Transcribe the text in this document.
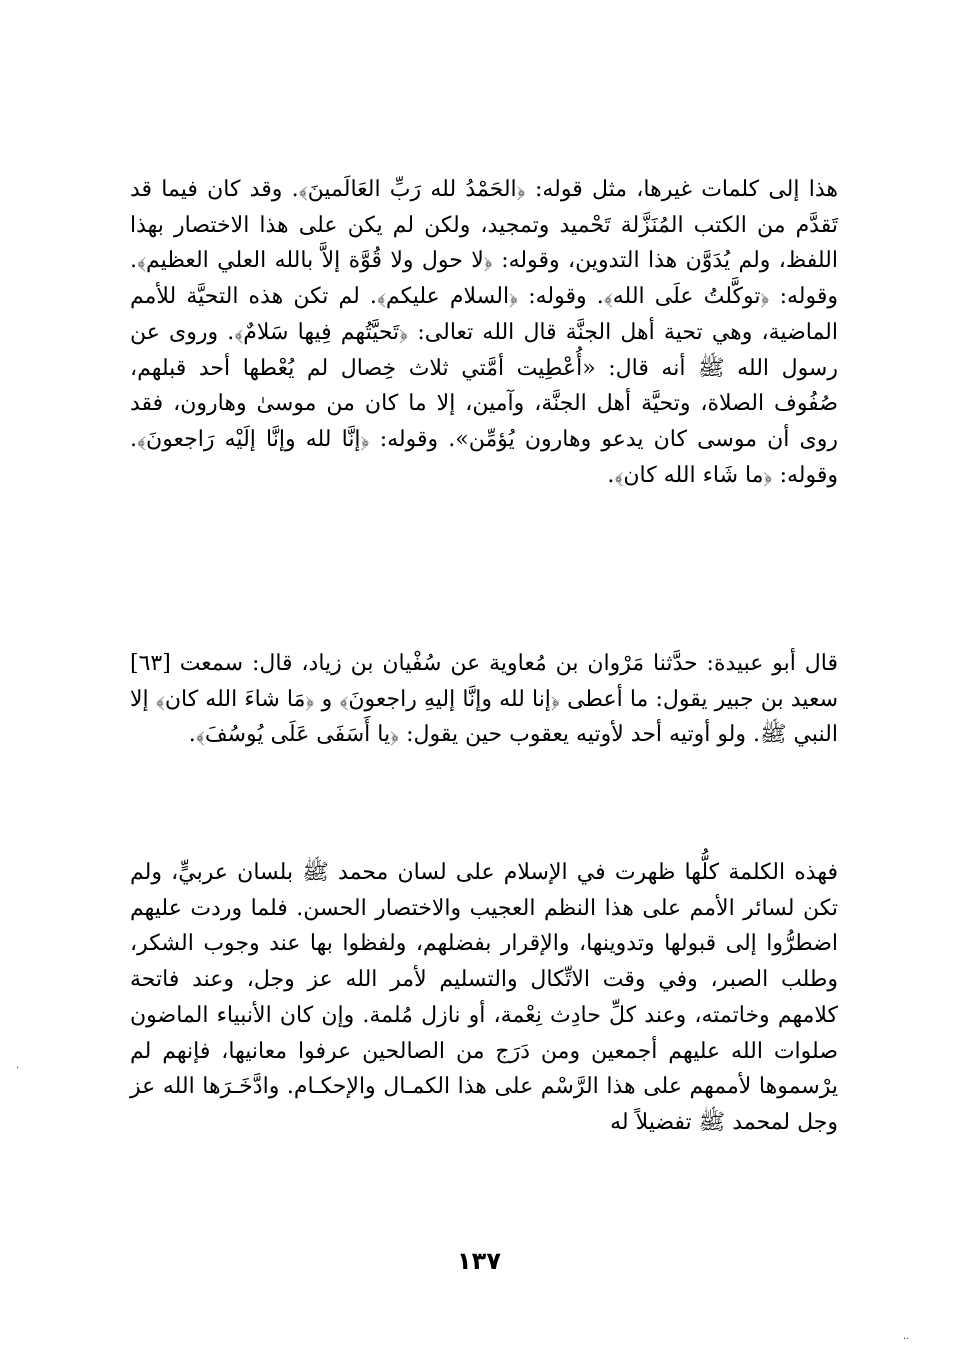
هذا إلى كلمات غيرها، مثل قوله: ﴿الحَمْدُ لله رَبِّ العَالَمينَ﴾. وقد كان فيما قد تَقدَّم من الكتب المُنَزَّلة تَحْميد وتمجيد، ولكن لم يكن على هذا الاختصار بهذا اللفظ، ولم يُدَوَّن هذا التدوين، وقوله: ﴿لا حول ولا قُوَّة إلاَّ بالله العلي العظيم﴾. وقوله: ﴿توكَّلتُ علَى الله﴾. وقوله: ﴿السلام عليكم﴾. لم تكن هذه التحيَّة للأمم الماضية، وهي تحية أهل الجنَّة قال الله تعالى: ﴿تَحيَّتُهم فِيها سَلامٌ﴾. وروى عن رسول الله ﷺ أنه قال: «أُعْطِيت أمَّتي ثلاث خِصال لم يُعْطها أحد قبلهم، صُفُوف الصلاة، وتحيَّة أهل الجنَّة، وآمين، إلا ما كان من موسىٰ وهارون، فقد روى أن موسى كان يدعو وهارون يُؤمِّن». وقوله: ﴿إنَّا لله وإنَّا إلَيْه رَاجعونَ﴾. وقوله: ﴿ما شَاء الله كان﴾.
قال أبو عبيدة: حدَّثنا مَرْوان بن مُعاوية عن سُفْيان بن زياد، قال: سمعت [٦٣] سعيد بن جبير يقول: ما أعطى ﴿إنا لله وإنَّا إليهِ راجعونَ﴾ و ﴿مَا شاءَ الله كان﴾ إلا النبي ﷺ. ولو أوتيه أحد لأوتيه يعقوب حين يقول: ﴿يا أَسَفَى عَلَى يُوسُفَ﴾.
فهذه الكلمة كلُّها ظهرت في الإسلام على لسان محمد ﷺ بلسان عربيٍّ، ولم تكن لسائر الأمم على هذا النظم العجيب والاختصار الحسن. فلما وردت عليهم اضطرُّوا إلى قبولها وتدوينها، والإقرار بفضلهم، ولفظوا بها عند وجوب الشكر، وطلب الصبر، وفي وقت الاتِّكال والتسليم لأمر الله عز وجل، وعند فاتحة كلامهم وخاتمته، وعند كلِّ حادِث نِعْمة، أو نازل مُلمة. وإن كان الأنبياء الماضون صلوات الله عليهم أجمعين ومن دَرَج من الصالحين عرفوا معانيها، فإنهم لم يرْسموها لأممهم على هذا الرَّسْم على هذا الكمـال والإحكـام. وادَّخَـرَها الله عز وجل لمحمد ﷺ تفضيلاً له
١٣٧
·
..
